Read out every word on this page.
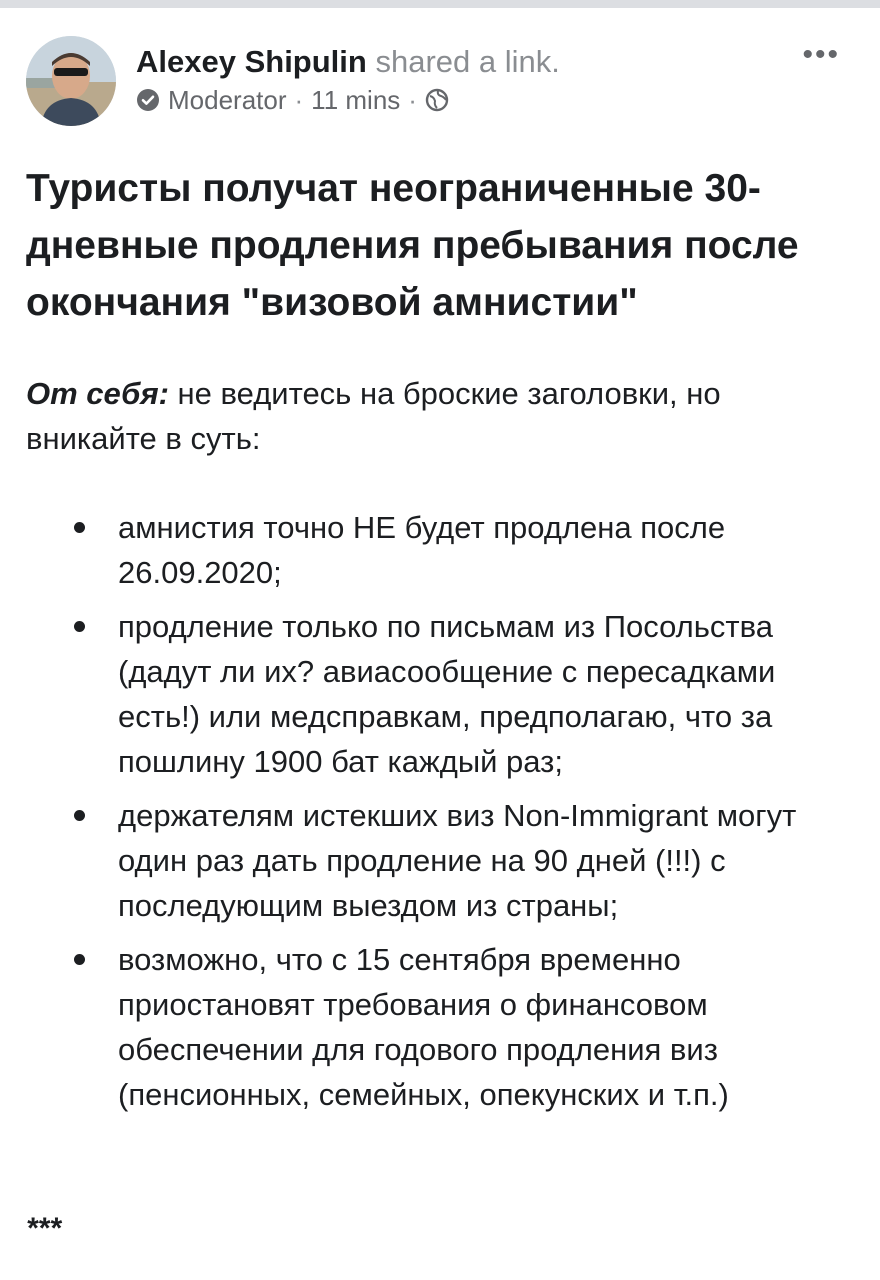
Alexey Shipulin shared a link.
Moderator · 11 mins ·
•••
Туристы получат неограниченные 30-дневные продления пребывания после окончания "визовой амнистии"

От себя: не ведитесь на броские заголовки, но вникайте в суть:

амнистия точно НЕ будет продлена после 26.09.2020;
продление только по письмам из Посольства (дадут ли их? авиасообщение с пересадками есть!) или медсправкам, предполагаю, что за пошлину 1900 бат каждый раз;
держателям истекших виз Non-Immigrant могут один раз дать продление на 90 дней (!!!) с последующим выездом из страны;
возможно, что с 15 сентября временно приостановят требования о финансовом обеспечении для годового продления виз (пенсионных, семейных, опекунских и т.п.)
***
